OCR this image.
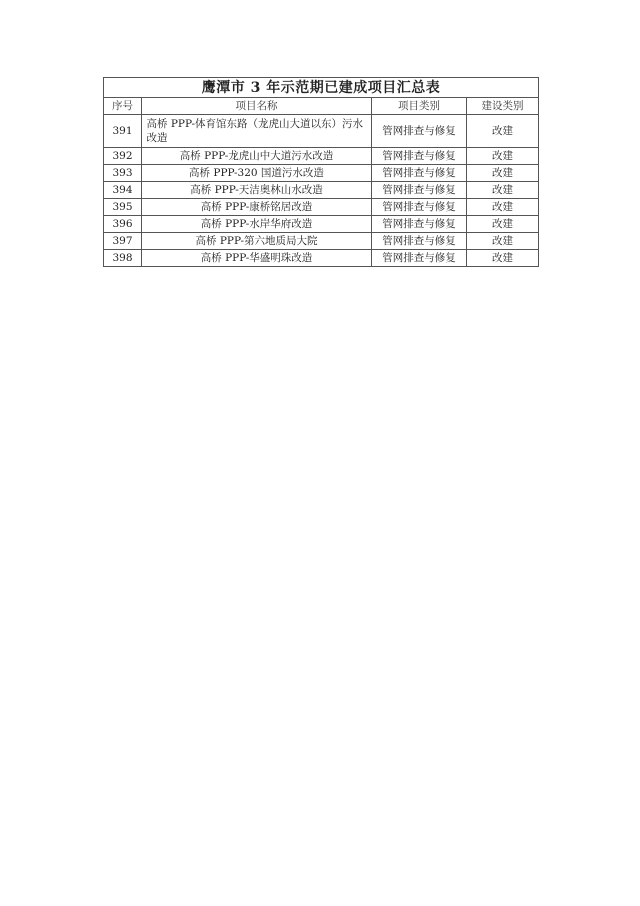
鹰潭市 3 年示范期已建成项目汇总表			
序号	项目名称	项目类别	建设类别
391	高桥 PPP-体育馆东路（龙虎山大道以东）污水改造	管网排查与修复	改建
392	高桥 PPP-龙虎山中大道污水改造	管网排查与修复	改建
393	高桥 PPP-320 国道污水改造	管网排查与修复	改建
394	高桥 PPP-天洁奥林山水改造	管网排查与修复	改建
395	高桥 PPP-康桥铭居改造	管网排查与修复	改建
396	高桥 PPP-水岸华府改造	管网排查与修复	改建
397	高桥 PPP-第六地质局大院	管网排查与修复	改建
398	高桥 PPP-华盛明珠改造	管网排查与修复	改建
